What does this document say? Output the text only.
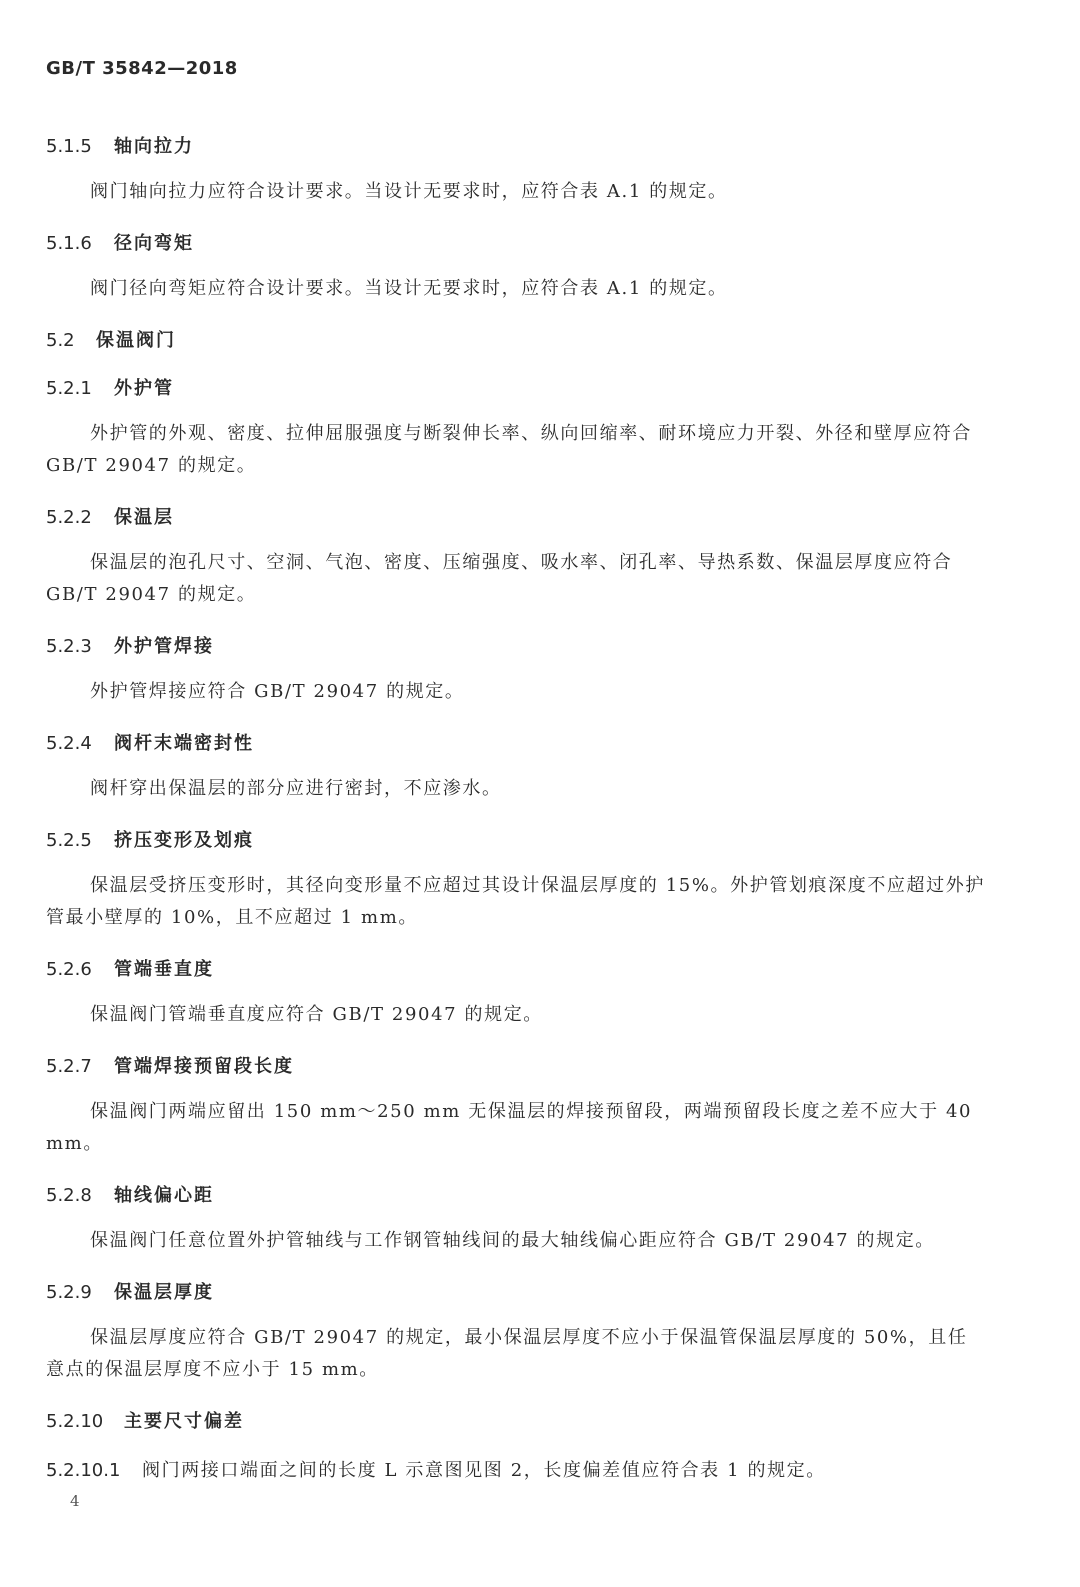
GB/T 35842—2018
5.1.5 轴向拉力

阀门轴向拉力应符合设计要求。当设计无要求时，应符合表 A.1 的规定。

5.1.6 径向弯矩

阀门径向弯矩应符合设计要求。当设计无要求时，应符合表 A.1 的规定。

5.2 保温阀门
5.2.1 外护管

外护管的外观、密度、拉伸屈服强度与断裂伸长率、纵向回缩率、耐环境应力开裂、外径和壁厚应符合 GB/T 29047 的规定。

5.2.2 保温层

保温层的泡孔尺寸、空洞、气泡、密度、压缩强度、吸水率、闭孔率、导热系数、保温层厚度应符合 GB/T 29047 的规定。

5.2.3 外护管焊接

外护管焊接应符合 GB/T 29047 的规定。

5.2.4 阀杆末端密封性

阀杆穿出保温层的部分应进行密封，不应渗水。

5.2.5 挤压变形及划痕

保温层受挤压变形时，其径向变形量不应超过其设计保温层厚度的 15%。外护管划痕深度不应超过外护管最小壁厚的 10%，且不应超过 1 mm。

5.2.6 管端垂直度

保温阀门管端垂直度应符合 GB/T 29047 的规定。

5.2.7 管端焊接预留段长度

保温阀门两端应留出 150 mm～250 mm 无保温层的焊接预留段，两端预留段长度之差不应大于 40 mm。

5.2.8 轴线偏心距

保温阀门任意位置外护管轴线与工作钢管轴线间的最大轴线偏心距应符合 GB/T 29047 的规定。

5.2.9 保温层厚度

保温层厚度应符合 GB/T 29047 的规定，最小保温层厚度不应小于保温管保温层厚度的 50%，且任意点的保温层厚度不应小于 15 mm。

5.2.10 主要尺寸偏差
5.2.10.1 阀门两接口端面之间的长度 L 示意图见图 2，长度偏差值应符合表 1 的规定。
4
